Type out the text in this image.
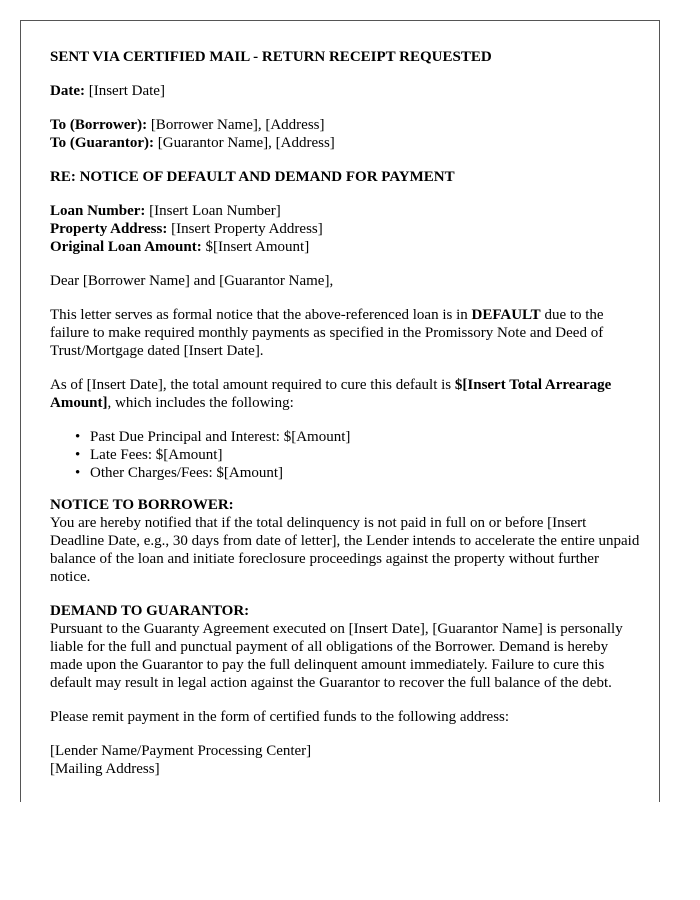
SENT VIA CERTIFIED MAIL - RETURN RECEIPT REQUESTED

Date: [Insert Date]

To (Borrower): [Borrower Name], [Address]
To (Guarantor): [Guarantor Name], [Address]

RE: NOTICE OF DEFAULT AND DEMAND FOR PAYMENT

Loan Number: [Insert Loan Number]
Property Address: [Insert Property Address]
Original Loan Amount: $[Insert Amount]

Dear [Borrower Name] and [Guarantor Name],

This letter serves as formal notice that the above-referenced loan is in DEFAULT due to the failure to make required monthly payments as specified in the Promissory Note and Deed of Trust/Mortgage dated [Insert Date].

As of [Insert Date], the total amount required to cure this default is $[Insert Total Arrearage Amount], which includes the following:

• Past Due Principal and Interest: $[Amount]
• Late Fees: $[Amount]
• Other Charges/Fees: $[Amount]
NOTICE TO BORROWER:

You are hereby notified that if the total delinquency is not paid in full on or before [Insert Deadline Date, e.g., 30 days from date of letter], the Lender intends to accelerate the entire unpaid balance of the loan and initiate foreclosure proceedings against the property without further notice.

DEMAND TO GUARANTOR:

Pursuant to the Guaranty Agreement executed on [Insert Date], [Guarantor Name] is personally liable for the full and punctual payment of all obligations of the Borrower. Demand is hereby made upon the Guarantor to pay the full delinquent amount immediately. Failure to cure this default may result in legal action against the Guarantor to recover the full balance of the debt.

Please remit payment in the form of certified funds to the following address:

[Lender Name/Payment Processing Center]
[Mailing Address]
